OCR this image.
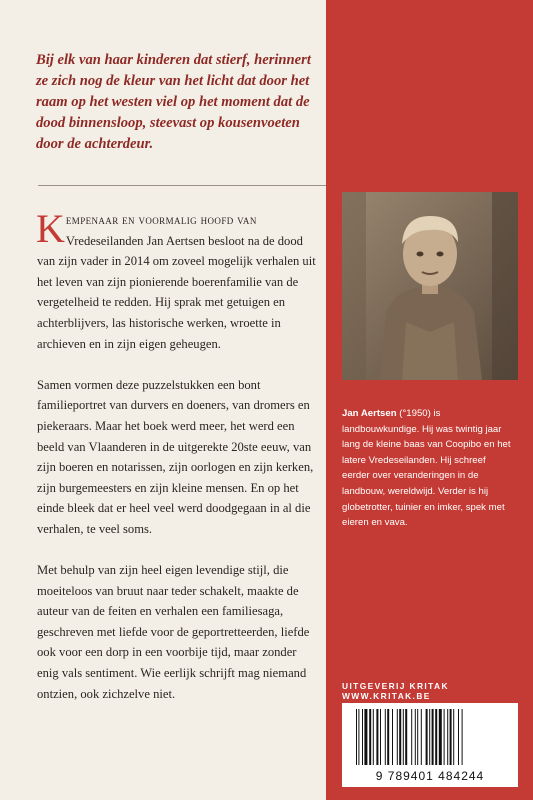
Bij elk van haar kinderen dat stierf, herinnert ze zich nog de kleur van het licht dat door het raam op het westen viel op het moment dat de dood binnensloop, steevast op kousenvoeten door de achterdeur.

Kempenaar en voormalig hoofd van Vredeseilanden Jan Aertsen besloot na de dood van zijn vader in 2014 om zoveel mogelijk verhalen uit het leven van zijn pionierende boerenfamilie van de vergetelheid te redden. Hij sprak met getuigen en achterblijvers, las historische werken, wroette in archieven en in zijn eigen geheugen.

Samen vormen deze puzzelstukken een bont familieportret van durvers en doeners, van dromers en piekeraars. Maar het boek werd meer, het werd een beeld van Vlaanderen in de uitgerekte 20ste eeuw, van zijn boeren en notarissen, zijn oorlogen en zijn kerken, zijn burgemeesters en zijn kleine mensen. En op het einde bleek dat er heel veel werd doodgegaan in al die verhalen, te veel soms.

Met behulp van zijn heel eigen levendige stijl, die moeiteloos van bruut naar teder schakelt, maakte de auteur van de feiten en verhalen een familiesaga, geschreven met liefde voor de geportretteerden, liefde ook voor een dorp in een voorbije tijd, maar zonder enig vals sentiment. Wie eerlijk schrijft mag niemand ontzien, ook zichzelve niet.

Jan Aertsen (°1950) is landbouwkundige. Hij was twintig jaar lang de kleine baas van Coopibo en het latere Vredeseilanden. Hij schreef eerder over veranderingen in de landbouw, wereldwijd. Verder is hij globetrotter, tuinier en imker, spek met eieren en vava.

UITGEVERIJ KRITAK
WWW.KRITAK.BE

9 789401 484244
